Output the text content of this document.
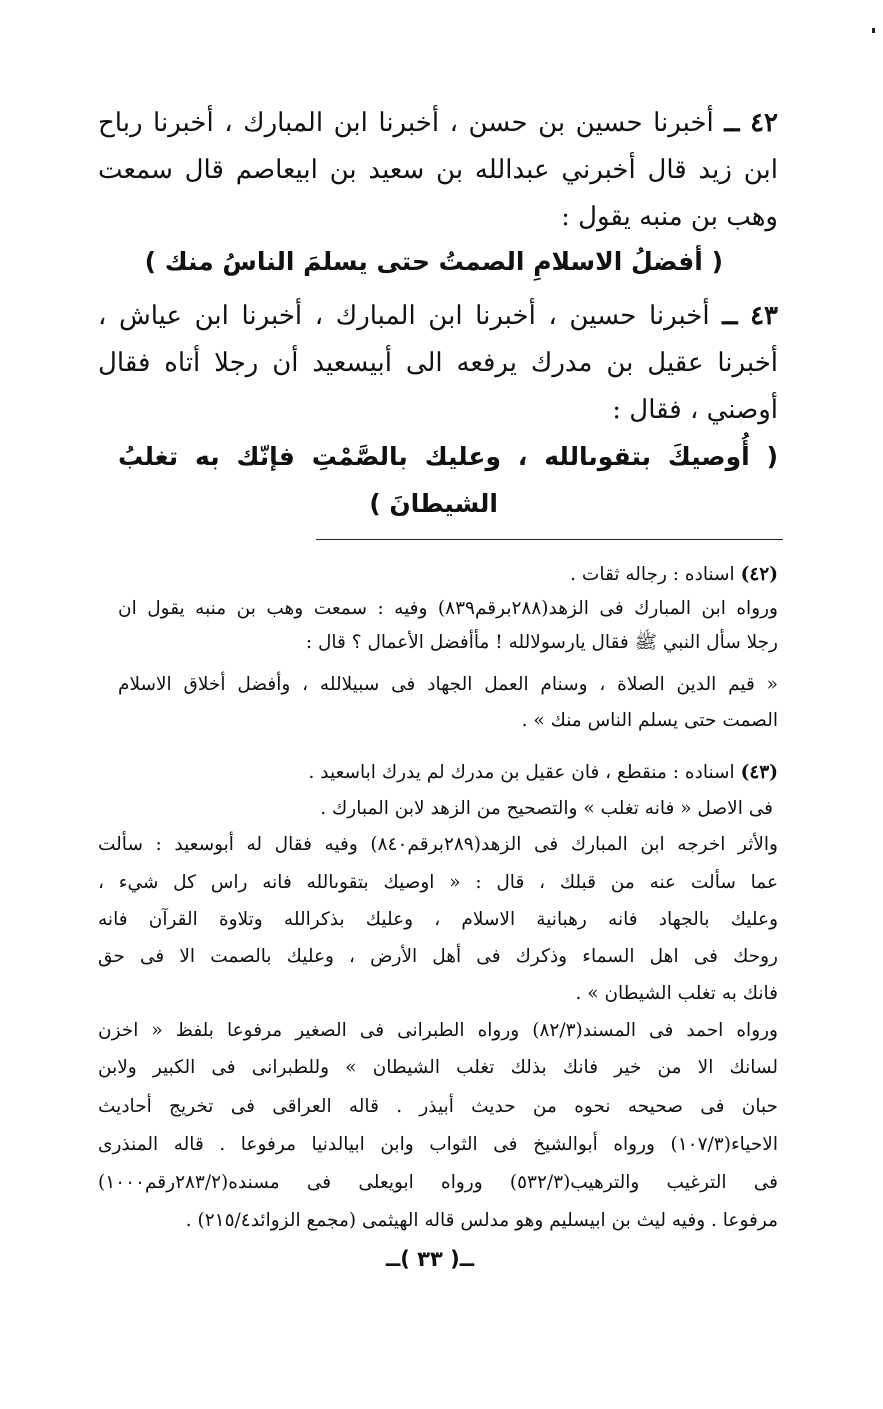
٤٢ ــ أخبرنا حسين بن حسن ، أخبرنا ابن المبارك ، أخبرنا رباح
ابن زيد قال أخبرني عبدالله بن سعيد بن ابيعاصم قال سمعت
وهب بن منبه يقول :
( أفضلُ الاسلامِ الصمتُ حتى يسلمَ الناسُ منك )
٤٣ ــ أخبرنا حسين ، أخبرنا ابن المبارك ، أخبرنا ابن عياش ،
أخبرنا عقيل بن مدرك يرفعه الى أبيسعيد أن رجلا أتاه فقال
أوصني ، فقال :
( أُوصيكَ بتقوىالله ، وعليك بالصَّمْتِ فإنّك به تغلبُ
الشيطانَ )
(٤٢) اسناده : رجاله ثقات .
ورواه ابن المبارك فى الزهد(٢٨٨برقم٨٣٩) وفيه : سمعت وهب بن منبه يقول ان
رجلا سأل النبي ﷺ فقال يارسولالله ! مأأفضل الأعمال ؟ قال :
« قيم الدين الصلاة ، وسنام العمل الجهاد فى سبيلالله ، وأفضل أخلاق الاسلام
الصمت حتى يسلم الناس منك » .
(٤٣) اسناده : منقطع ، فان عقيل بن مدرك لم يدرك اباسعيد .
فى الاصل « فانه تغلب » والتصحيح من الزهد لابن المبارك .
والأثر اخرجه ابن المبارك فى الزهد(٢٨٩برقم٨٤٠) وفيه فقال له أبوسعيد : سألت
عما سألت عنه من قبلك ، قال : « اوصيك بتقوىالله فانه راس كل شيء ،
وعليك بالجهاد فانه رهبانية الاسلام ، وعليك بذكرالله وتلاوة القرآن فانه
روحك فى اهل السماء وذكرك فى أهل الأرض ، وعليك بالصمت الا فى حق
فانك به تغلب الشيطان » .
ورواه احمد فى المسند(٨٢/٣) ورواه الطبرانى فى الصغير مرفوعا بلفظ « اخزن
لسانك الا من خير فانك بذلك تغلب الشيطان » وللطبرانى فى الكبير ولابن
حبان فى صحيحه نحوه من حديث أبيذر . قاله العراقى فى تخريج أحاديث
الاحياء(١٠٧/٣) ورواه أبوالشيخ فى الثواب وابن ابيالدنيا مرفوعا . قاله المنذرى
فى الترغيب والترهيب(٥٣٢/٣) ورواه ابويعلى فى مسنده(٢٨٣/٢رقم١٠٠٠)
مرفوعا . وفيه ليث بن ابيسليم وهو مدلس قاله الهيثمى (مجمع الزوائد٢١٥/٤) .
ــ( ٣٣ )ــ
